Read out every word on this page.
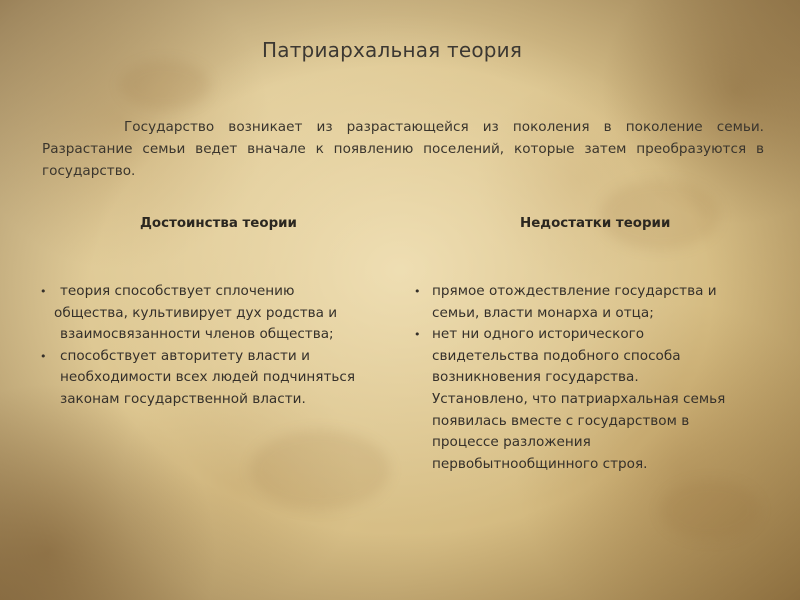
Патриархальная теория

Государство возникает из разрастающейся из поколения в поколение семьи. Разрастание семьи ведет вначале к появлению поселений, которые затем преобразуются в государство.

Достоинства теории	Недостатки теории
• теория способствует сплочению
общества, культивирует дух родства и
взаимосвязанности членов общества;
• способствует авторитету власти и
необходимости всех людей подчиняться
законам государственной власти.
• прямое отождествление государства и
семьи, власти монарха и отца;
• нет ни одного исторического
свидетельства подобного способа
возникновения государства.
Установлено, что патриархальная семья
появилась вместе с государством в
процессе разложения
первобытнообщинного строя.
